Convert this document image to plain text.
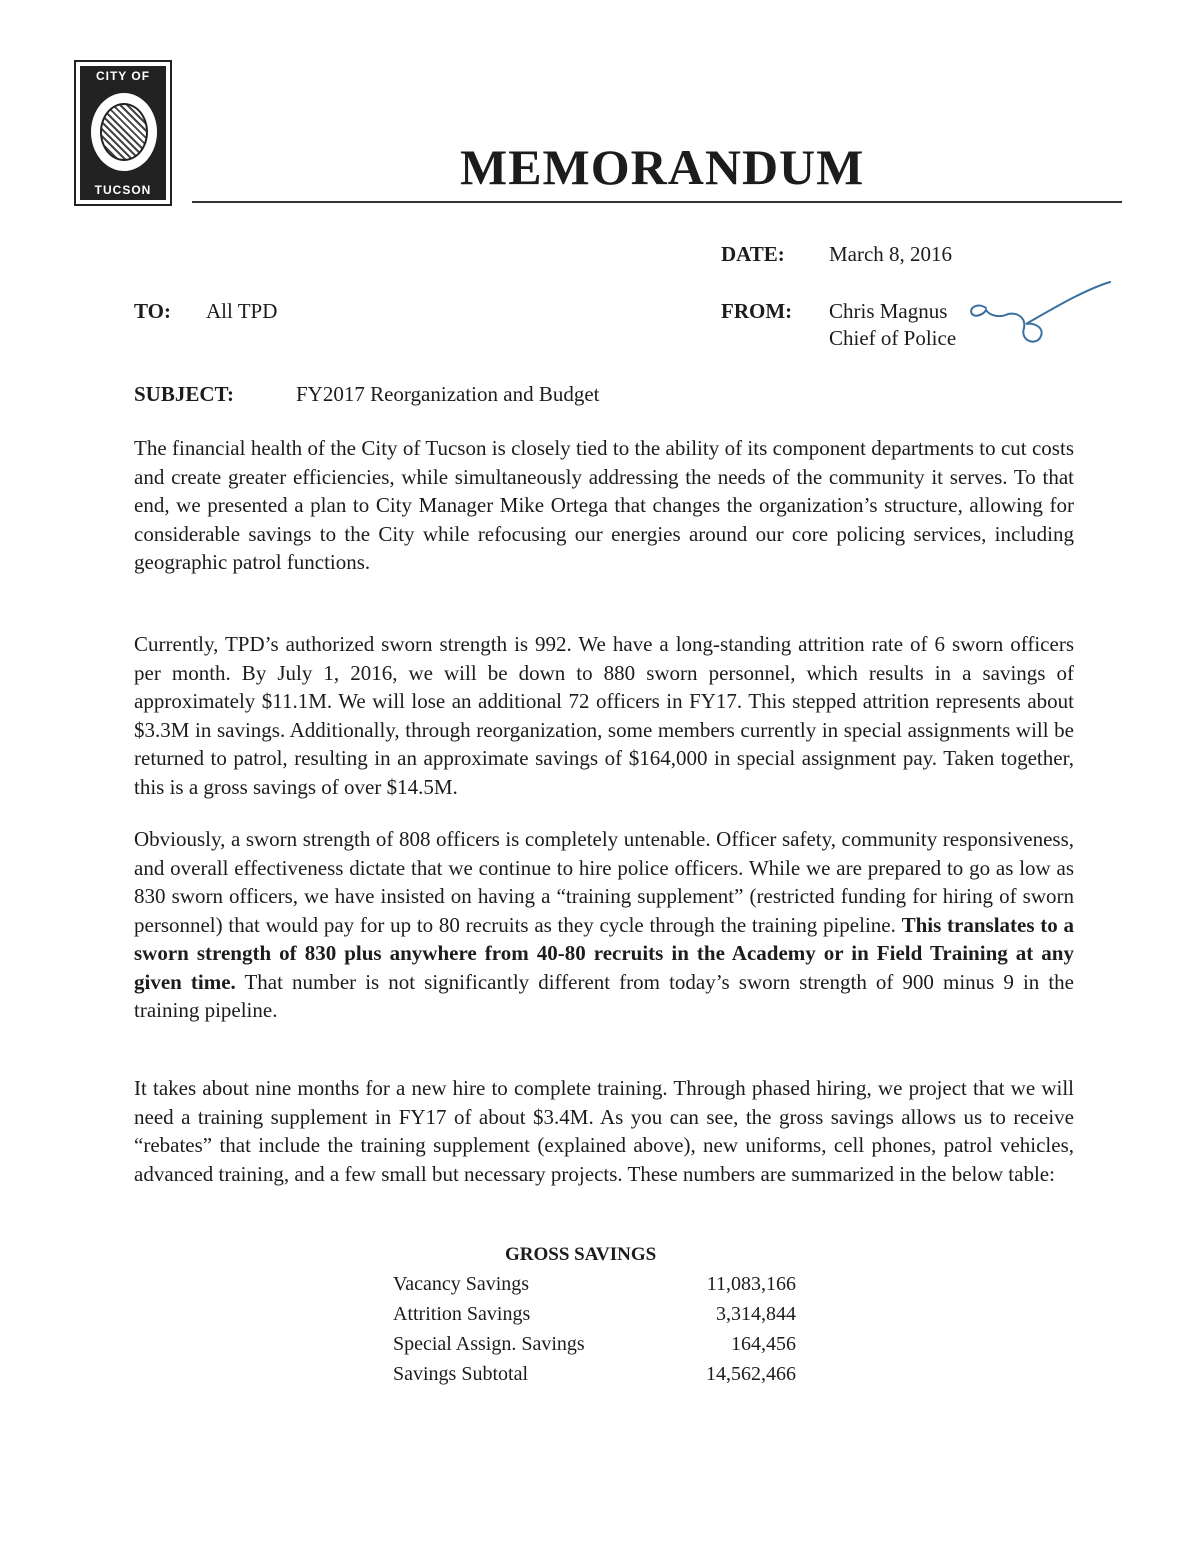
CITY OF
TUCSON	MEMORANDUM
DATE: March 8, 2016
TO: All TPD	FROM: Chris Magnus
Chief of Police
SUBJECT:	FY2017 Reorganization and Budget

The financial health of the City of Tucson is closely tied to the ability of its component departments to cut costs and create greater efficiencies, while simultaneously addressing the needs of the community it serves. To that end, we presented a plan to City Manager Mike Ortega that changes the organization’s structure, allowing for considerable savings to the City while refocusing our energies around our core policing services, including geographic patrol functions.

Currently, TPD’s authorized sworn strength is 992. We have a long-standing attrition rate of 6 sworn officers per month. By July 1, 2016, we will be down to 880 sworn personnel, which results in a savings of approximately $11.1M. We will lose an additional 72 officers in FY17. This stepped attrition represents about $3.3M in savings. Additionally, through reorganization, some members currently in special assignments will be returned to patrol, resulting in an approximate savings of $164,000 in special assignment pay. Taken together, this is a gross savings of over $14.5M.

Obviously, a sworn strength of 808 officers is completely untenable. Officer safety, community responsiveness, and overall effectiveness dictate that we continue to hire police officers. While we are prepared to go as low as 830 sworn officers, we have insisted on having a “training supplement” (restricted funding for hiring of sworn personnel) that would pay for up to 80 recruits as they cycle through the training pipeline. This translates to a sworn strength of 830 plus anywhere from 40-80 recruits in the Academy or in Field Training at any given time. That number is not significantly different from today’s sworn strength of 900 minus 9 in the training pipeline.

It takes about nine months for a new hire to complete training. Through phased hiring, we project that we will need a training supplement in FY17 of about $3.4M. As you can see, the gross savings allows us to receive “rebates” that include the training supplement (explained above), new uniforms, cell phones, patrol vehicles, advanced training, and a few small but necessary projects. These numbers are summarized in the below table:

GROSS SAVINGS
Vacancy Savings	11,083,166
Attrition Savings	3,314,844
Special Assign. Savings	164,456
Savings Subtotal	14,562,466
